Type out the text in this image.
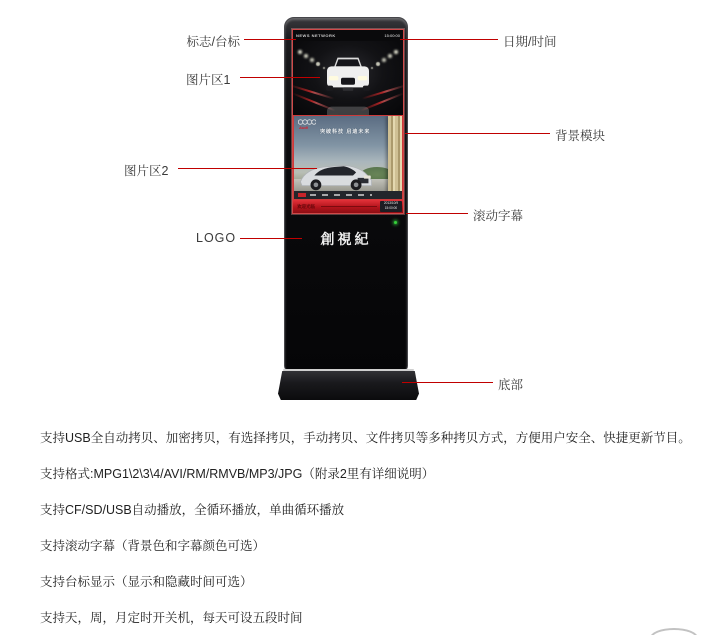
NEWS NETWORK	15:00:00
Audi
突破科技 启迪未来
欢迎光临
2013/10/9
15:00:00
創視紀
标志/台标
图片区1
日期/时间
背景模块
图片区2
滚动字幕
LOGO
底部

支持USB全自动拷贝、加密拷贝，有选择拷贝，手动拷贝、文件拷贝等多种拷贝方式，方便用户安全、快捷更新节目。

支持格式:MPG1\2\3\4/AVI/RM/RMVB/MP3/JPG（附录2里有详细说明）

支持CF/SD/USB自动播放，全循环播放，单曲循环播放

支持滚动字幕（背景色和字幕颜色可选）

支持台标显示（显示和隐藏时间可选）

支持天，周，月定时开关机，每天可设五段时间
